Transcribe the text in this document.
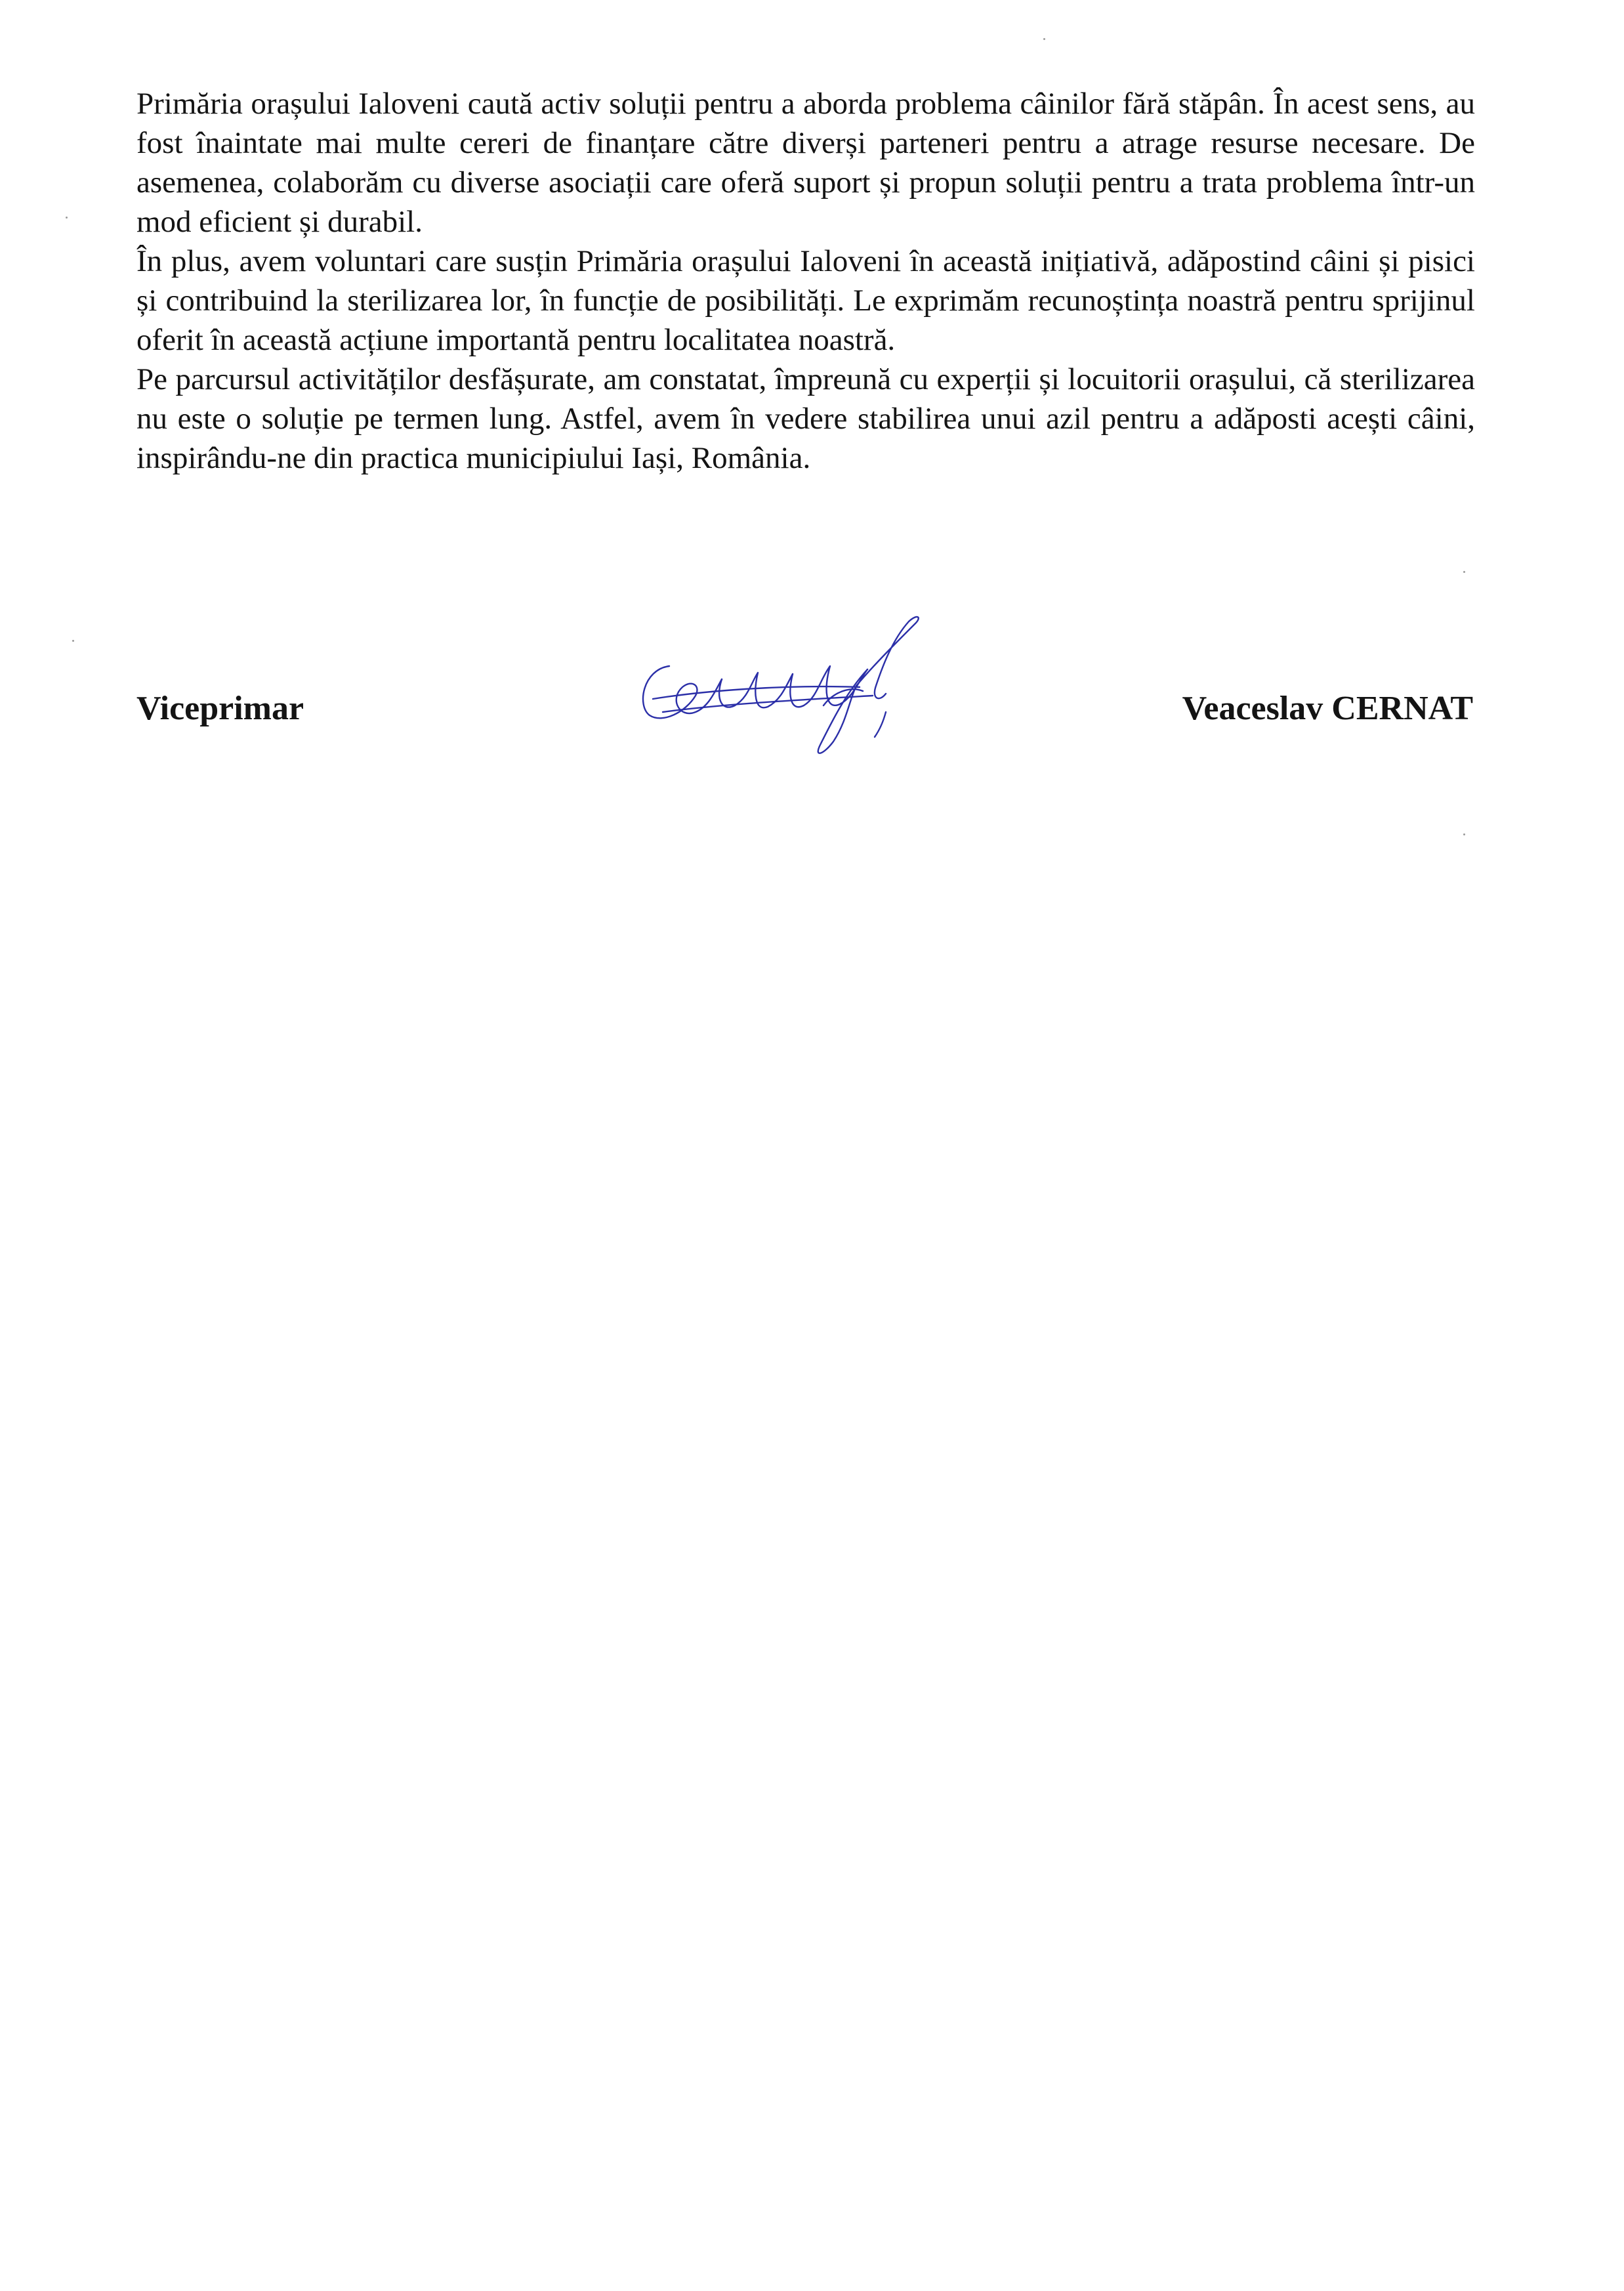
Primăria orașului Ialoveni caută activ soluții pentru a aborda problema câinilor fără stăpân. În acest sens, au fost înaintate mai multe cereri de finanțare către diverși parteneri pentru a atrage resurse necesare. De asemenea, colaborăm cu diverse asociații care oferă suport și propun soluții pentru a trata problema într-un mod eficient și durabil.

În plus, avem voluntari care susțin Primăria orașului Ialoveni în această inițiativă, adăpostind câini și pisici și contribuind la sterilizarea lor, în funcție de posibilități. Le exprimăm recunoștința noastră pentru sprijinul oferit în această acțiune importantă pentru localitatea noastră.

Pe parcursul activităților desfășurate, am constatat, împreună cu experții și locuitorii orașului, că sterilizarea nu este o soluție pe termen lung. Astfel, avem în vedere stabilirea unui azil pentru a adăposti acești câini, inspirându-ne din practica municipiului Iași, România.

Viceprimar	Veaceslav CERNAT
